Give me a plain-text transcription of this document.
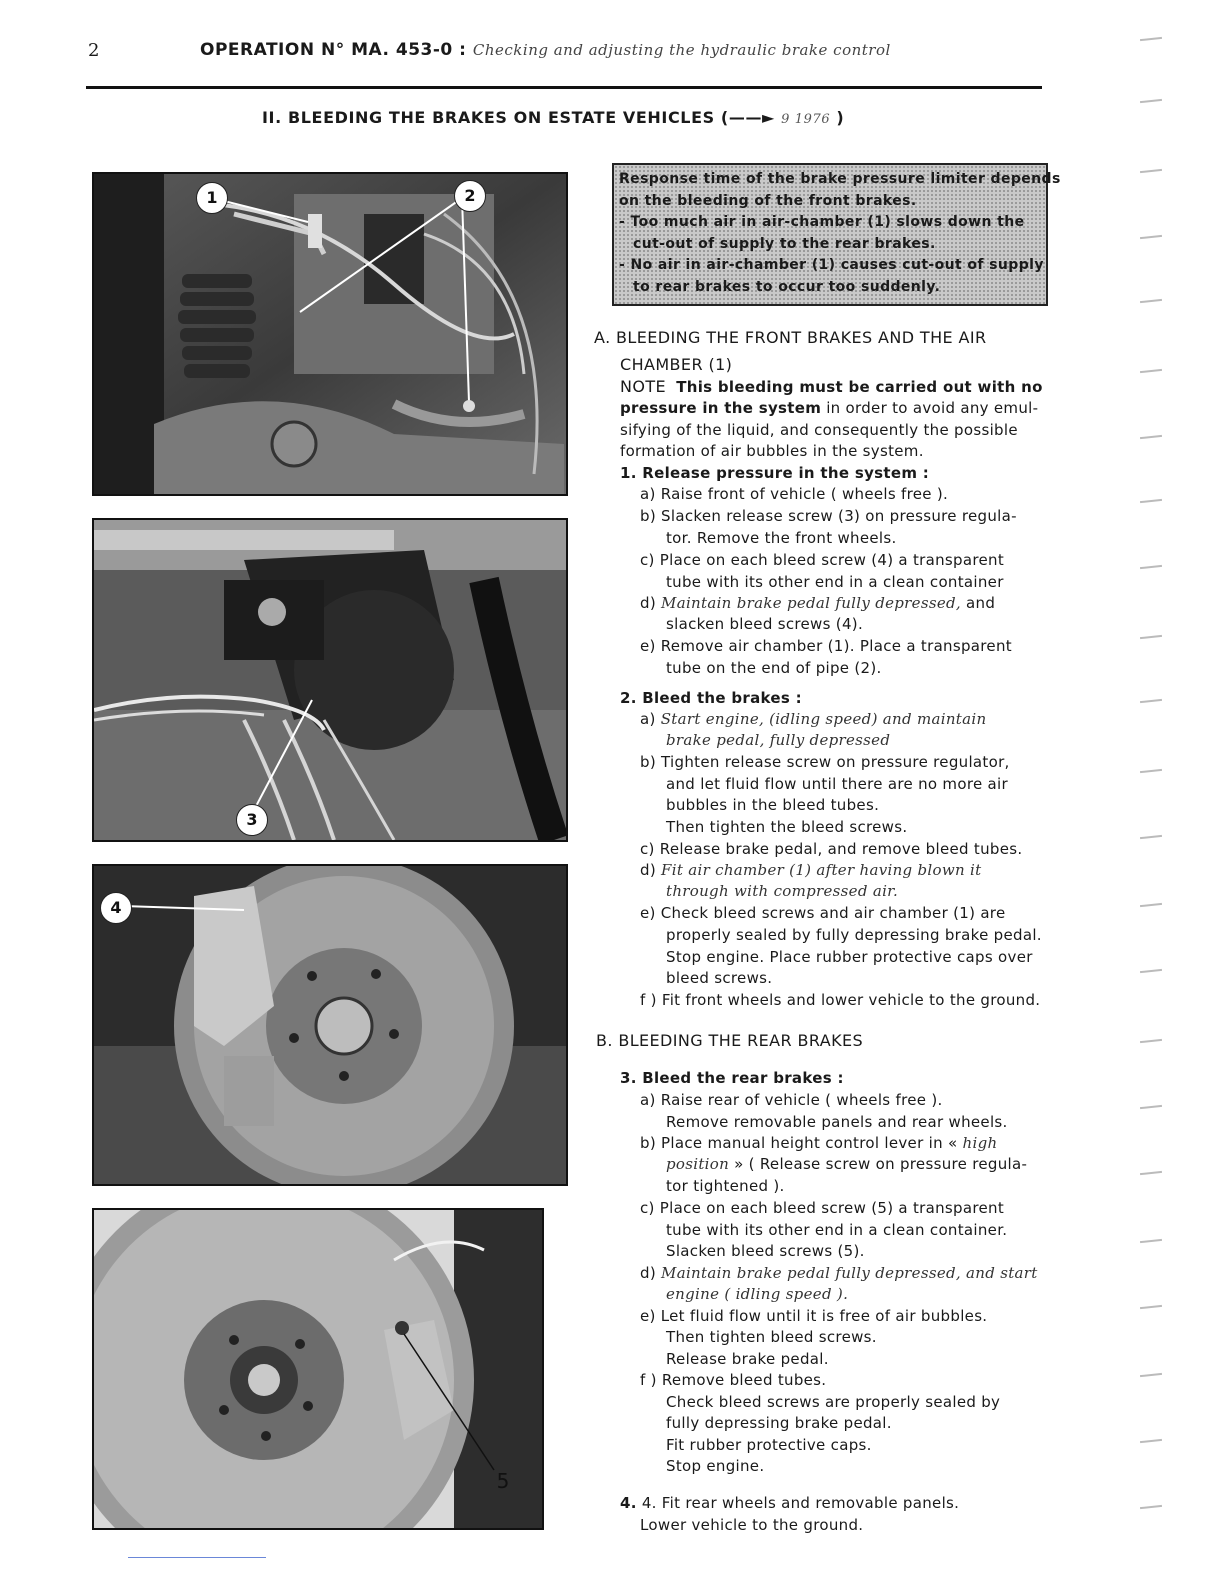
2	OPERATION N° MA. 453-0 : Checking and adjusting the hydraulic brake control
II. BLEEDING THE BRAKES ON ESTATE VEHICLES (——► 9 1976 )
1	2
3
4
5
Response time of the brake pressure limiter depends
on the bleeding of the front brakes.
- Too much air in air-chamber (1) slows down the
cut-out of supply to the rear brakes.
- No air in air-chamber (1) causes cut-out of supply
to rear brakes to occur too suddenly.
A. BLEEDING THE FRONT BRAKES AND THE AIR
CHAMBER (1)
NOTE This bleeding must be carried out with no
pressure in the system in order to avoid any emul-
sifying of the liquid, and consequently the possible
formation of air bubbles in the system.
1. Release pressure in the system :
a) Raise front of vehicle ( wheels free ).
b) Slacken release screw (3) on pressure regula-
tor. Remove the front wheels.
c) Place on each bleed screw (4) a transparent
tube with its other end in a clean container
d) Maintain brake pedal fully depressed, and
slacken bleed screws (4).
e) Remove air chamber (1). Place a transparent
tube on the end of pipe (2).
2. Bleed the brakes :
a) Start engine, (idling speed) and maintain
brake pedal, fully depressed
b) Tighten release screw on pressure regulator,
and let fluid flow until there are no more air
bubbles in the bleed tubes.
Then tighten the bleed screws.
c) Release brake pedal, and remove bleed tubes.
d) Fit air chamber (1) after having blown it
through with compressed air.
e) Check bleed screws and air chamber (1) are
properly sealed by fully depressing brake pedal.
Stop engine. Place rubber protective caps over
bleed screws.
f ) Fit front wheels and lower vehicle to the ground.
B. BLEEDING THE REAR BRAKES
3. Bleed the rear brakes :
a) Raise rear of vehicle ( wheels free ).
Remove removable panels and rear wheels.
b) Place manual height control lever in « high
position » ( Release screw on pressure regula-
tor tightened ).
c) Place on each bleed screw (5) a transparent
tube with its other end in a clean container.
Slacken bleed screws (5).
d) Maintain brake pedal fully depressed, and start
engine ( idling speed ).
e) Let fluid flow until it is free of air bubbles.
Then tighten bleed screws.
Release brake pedal.
f ) Remove bleed tubes.
Check bleed screws are properly sealed by
fully depressing brake pedal.
Fit rubber protective caps.
Stop engine.
4. 4. Fit rear wheels and removable panels.
Lower vehicle to the ground.
